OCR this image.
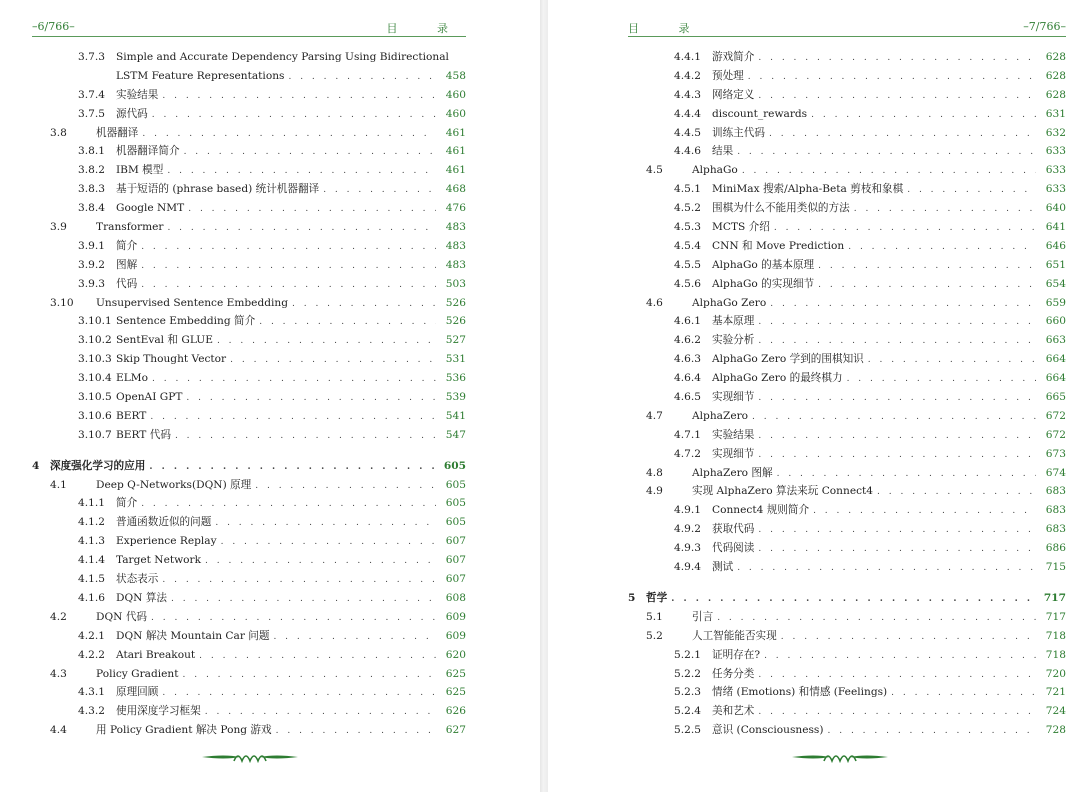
–6/766–	目 录
3.7.3	Simple and Accurate Dependency Parsing Using Bidirectional
LSTM Feature Representations . . .	458
3.7.4	实验结果 . . .	460
3.7.5	源代码 . . .	460
3.8	机器翻译 . . .	461
3.8.1	机器翻译简介 . . .	461
3.8.2	IBM 模型 . . .	461
3.8.3	基于短语的 (phrase based) 统计机器翻译 . . .	468
3.8.4	Google NMT . . .	476
3.9	Transformer . . .	483
3.9.1	简介 . . .	483
3.9.2	图解 . . .	483
3.9.3	代码 . . .	503
3.10	Unsupervised Sentence Embedding . . .	526
3.10.1 Sentence Embedding 简介 . . .	526
3.10.2 SentEval 和 GLUE . . .	527
3.10.3 Skip Thought Vector . . .	531
3.10.4 ELMo . . .	536
3.10.5 OpenAI GPT . . .	539
3.10.6 BERT . . .	541
3.10.7 BERT 代码 . . .	547
4	深度强化学习的应用 . . .	605
4.1	Deep Q-Networks(DQN) 原理 . . .	605
4.1.1	简介 . . .	605
4.1.2	普通函数近似的问题 . . .	605
4.1.3	Experience Replay . . .	607
4.1.4	Target Network . . .	607
4.1.5	状态表示 . . .	607
4.1.6	DQN 算法 . . .	608
4.2	DQN 代码 . . .	609
4.2.1	DQN 解决 Mountain Car 问题 . . .	609
4.2.2	Atari Breakout . . .	620
4.3	Policy Gradient . . .	625
4.3.1	原理回顾 . . .	625
4.3.2	使用深度学习框架 . . .	626
4.4	用 Policy Gradient 解决 Pong 游戏 . . .	627
目 录	–7/766–
4.4.1	游戏简介 . . .	628
4.4.2	预处理 . . .	628
4.4.3	网络定义 . . .	628
4.4.4	discount_rewards . . .	631
4.4.5	训练主代码 . . .	632
4.4.6	结果 . . .	633
4.5	AlphaGo . . .	633
4.5.1	MiniMax 搜索/Alpha-Beta 剪枝和象棋 . . .	633
4.5.2	围棋为什么不能用类似的方法 . . .	640
4.5.3	MCTS 介绍 . . .	641
4.5.4	CNN 和 Move Prediction . . .	646
4.5.5	AlphaGo 的基本原理 . . .	651
4.5.6	AlphaGo 的实现细节 . . .	654
4.6	AlphaGo Zero . . .	659
4.6.1	基本原理 . . .	660
4.6.2	实验分析 . . .	663
4.6.3	AlphaGo Zero 学到的围棋知识 . . .	664
4.6.4	AlphaGo Zero 的最终棋力 . . .	664
4.6.5	实现细节 . . .	665
4.7	AlphaZero . . .	672
4.7.1	实验结果 . . .	672
4.7.2	实现细节 . . .	673
4.8	AlphaZero 图解 . . .	674
4.9	实现 AlphaZero 算法来玩 Connect4 . . .	683
4.9.1	Connect4 规则简介 . . .	683
4.9.2	获取代码 . . .	683
4.9.3	代码阅读 . . .	686
4.9.4	测试 . . .	715
5	哲学 . . .	717
5.1	引言 . . .	717
5.2	人工智能能否实现 . . .	718
5.2.1	证明存在? . . .	718
5.2.2	任务分类 . . .	720
5.2.3	情绪 (Emotions) 和情感 (Feelings) . . .	721
5.2.4	美和艺术 . . .	724
5.2.5	意识 (Consciousness) . . .	728
